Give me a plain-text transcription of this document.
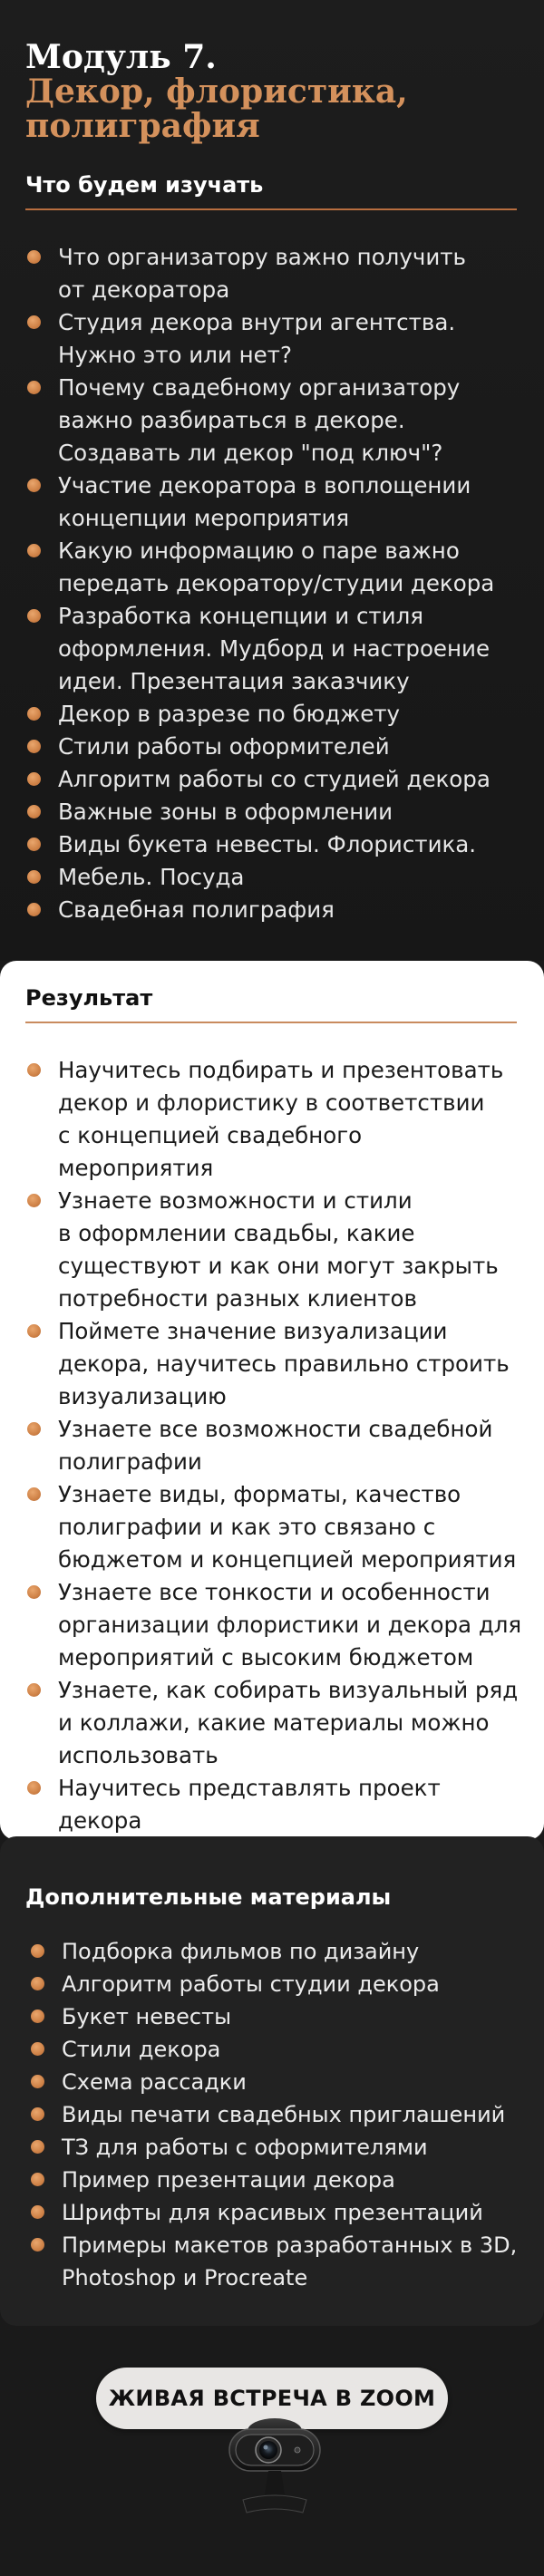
Модуль 7.
Декор, флористика,
полиграфия
Что будем изучать
Что организатору важно получить
от декоратора
Студия декора внутри агентства.
Нужно это или нет?
Почему свадебному организатору
важно разбираться в декоре.
Создавать ли декор "под ключ"?
Участие декоратора в воплощении
концепции мероприятия
Какую информацию о паре важно
передать декоратору/студии декора
Разработка концепции и стиля
оформления. Мудборд и настроение
идеи. Презентация заказчику
Декор в разрезе по бюджету
Стили работы оформителей
Алгоритм работы со студией декора
Важные зоны в оформлении
Виды букета невесты. Флористика.
Мебель. Посуда
Свадебная полиграфия
Результат
Научитесь подбирать и презентовать
декор и флористику в соответствии
с концепцией свадебного мероприятия
Узнаете возможности и стили
в оформлении свадьбы, какие
существуют и как они могут закрыть
потребности разных клиентов
Поймете значение визуализации
декора, научитесь правильно строить
визуализацию
Узнаете все возможности свадебной
полиграфии
Узнаете виды, форматы, качество
полиграфии и как это связано с
бюджетом и концепцией мероприятия
Узнаете все тонкости и особенности
организации флористики и декора для
мероприятий с высоким бюджетом
Узнаете, как собирать визуальный ряд
и коллажи, какие материалы можно
использовать
Научитесь представлять проект декора
Дополнительные материалы
Подборка фильмов по дизайну
Алгоритм работы студии декора
Букет невесты
Стили декора
Схема рассадки
Виды печати свадебных приглашений
ТЗ для работы с оформителями
Пример презентации декора
Шрифты для красивых презентаций
Примеры макетов разработанных в 3D,
Photoshop и Procreate
ЖИВАЯ ВСТРЕЧА В ZOOM
